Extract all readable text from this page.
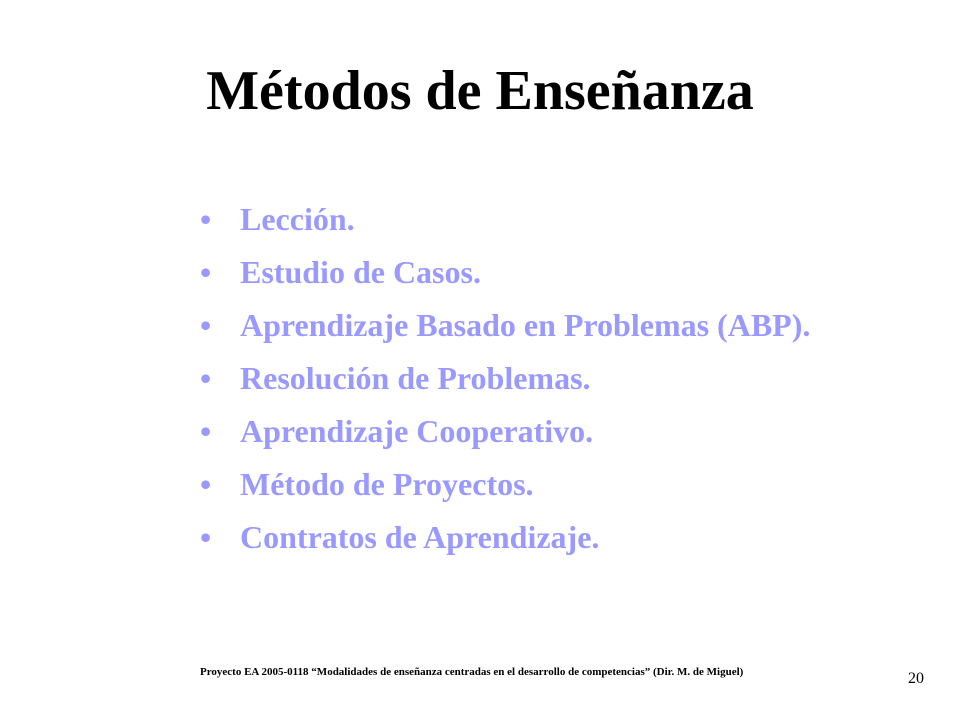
Métodos de Enseñanza
• Lección.
• Estudio de Casos.
• Aprendizaje Basado en Problemas (ABP).
• Resolución de Problemas.
• Aprendizaje Cooperativo.
• Método de Proyectos.
• Contratos de Aprendizaje.
Proyecto EA 2005-0118 “Modalidades de enseñanza centradas en el desarrollo de competencias” (Dir. M. de Miguel)	20
